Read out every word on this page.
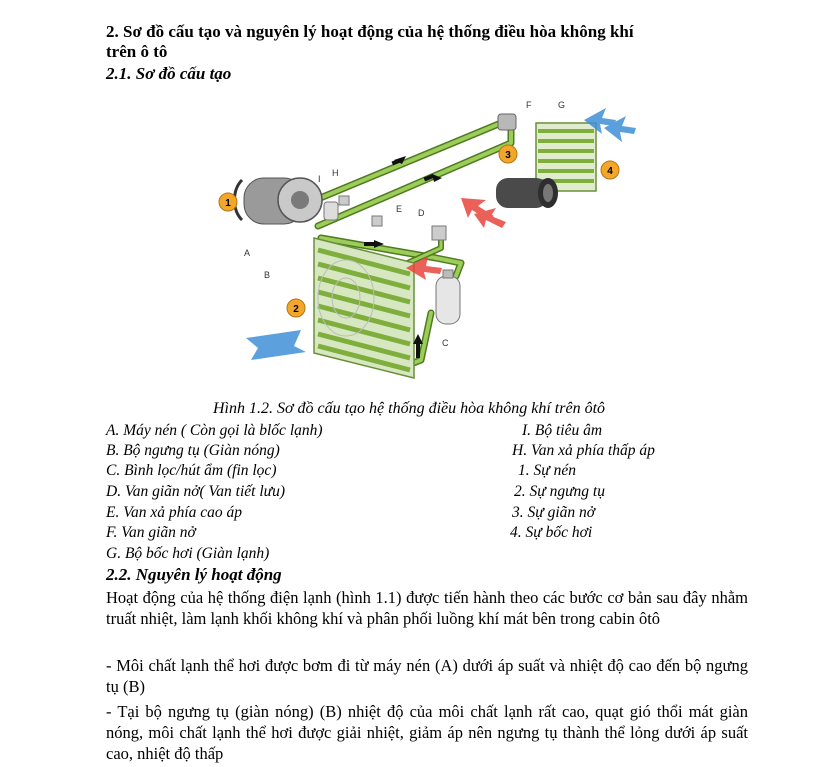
2. Sơ đồ cấu tạo và nguyên lý hoạt động của hệ thống điều hòa không khí
trên ô tô
2.1. Sơ đồ cấu tạo
1
2
3
4
A
B
C
D
E
F	G
H
I
Hình 1.2. Sơ đồ cấu tạo hệ thống điều hòa không khí trên ôtô
A. Máy nén ( Còn gọi là blốc lạnh)
B. Bộ ngưng tụ (Giàn nóng)
C. Bình lọc/hút ẩm (fin lọc)
D. Van giãn nở( Van tiết lưu)
E. Van xả phía cao áp
F. Van giãn nở
G. Bộ bốc hơi (Giàn lạnh)
I. Bộ tiêu âm
H. Van xả phía thấp áp
1. Sự nén
2. Sự ngưng tụ
3. Sự giãn nở
4. Sự bốc hơi
2.2. Nguyên lý hoạt động
Hoạt động của hệ thống điện lạnh (hình 1.1) được tiến hành theo các bước cơ bản sau đây nhằm truất nhiệt, làm lạnh khối không khí và phân phối luồng khí mát bên trong cabin ôtô
- Môi chất lạnh thể hơi được bơm đi từ máy nén (A) dưới áp suất và nhiệt độ cao đến bộ ngưng tụ (B)
- Tại bộ ngưng tụ (giàn nóng) (B) nhiệt độ của môi chất lạnh rất cao, quạt gió thổi mát giàn nóng, môi chất lạnh thể hơi được giải nhiệt, giảm áp nên ngưng tụ thành thể lỏng dưới áp suất cao, nhiệt độ thấp
